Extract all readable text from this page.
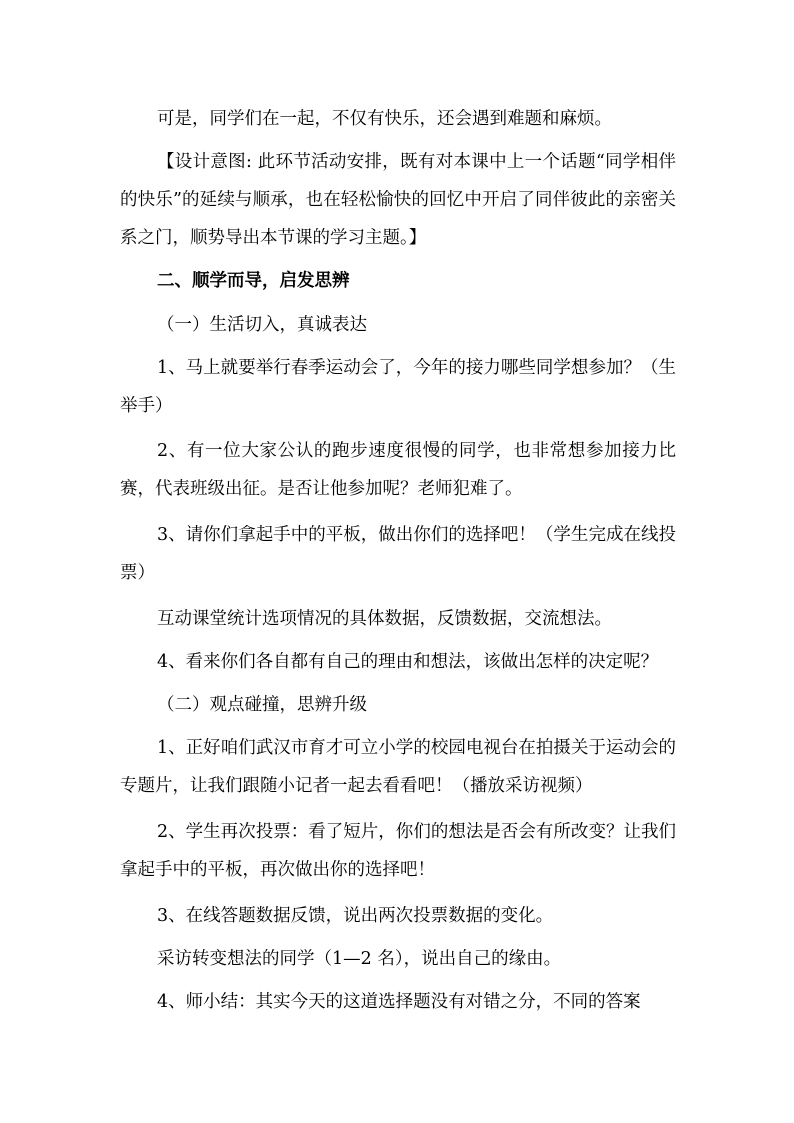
可是，同学们在一起，不仅有快乐，还会遇到难题和麻烦。

【设计意图: 此环节活动安排，既有对本课中上一个话题“同学相伴的快乐”的延续与顺承，也在轻松愉快的回忆中开启了同伴彼此的亲密关系之门，顺势导出本节课的学习主题。】

二、顺学而导，启发思辨

（一）生活切入，真诚表达

1、马上就要举行春季运动会了，今年的接力哪些同学想参加？（生举手）

2、有一位大家公认的跑步速度很慢的同学，也非常想参加接力比赛，代表班级出征。是否让他参加呢？老师犯难了。

3、请你们拿起手中的平板，做出你们的选择吧！（学生完成在线投票）

互动课堂统计选项情况的具体数据，反馈数据，交流想法。

4、看来你们各自都有自己的理由和想法，该做出怎样的决定呢？

（二）观点碰撞，思辨升级

1、正好咱们武汉市育才可立小学的校园电视台在拍摄关于运动会的专题片，让我们跟随小记者一起去看看吧！（播放采访视频）

2、学生再次投票：看了短片，你们的想法是否会有所改变？让我们拿起手中的平板，再次做出你的选择吧！

3、在线答题数据反馈，说出两次投票数据的变化。

采访转变想法的同学（1—2 名），说出自己的缘由。

4、师小结：其实今天的这道选择题没有对错之分，不同的答案
